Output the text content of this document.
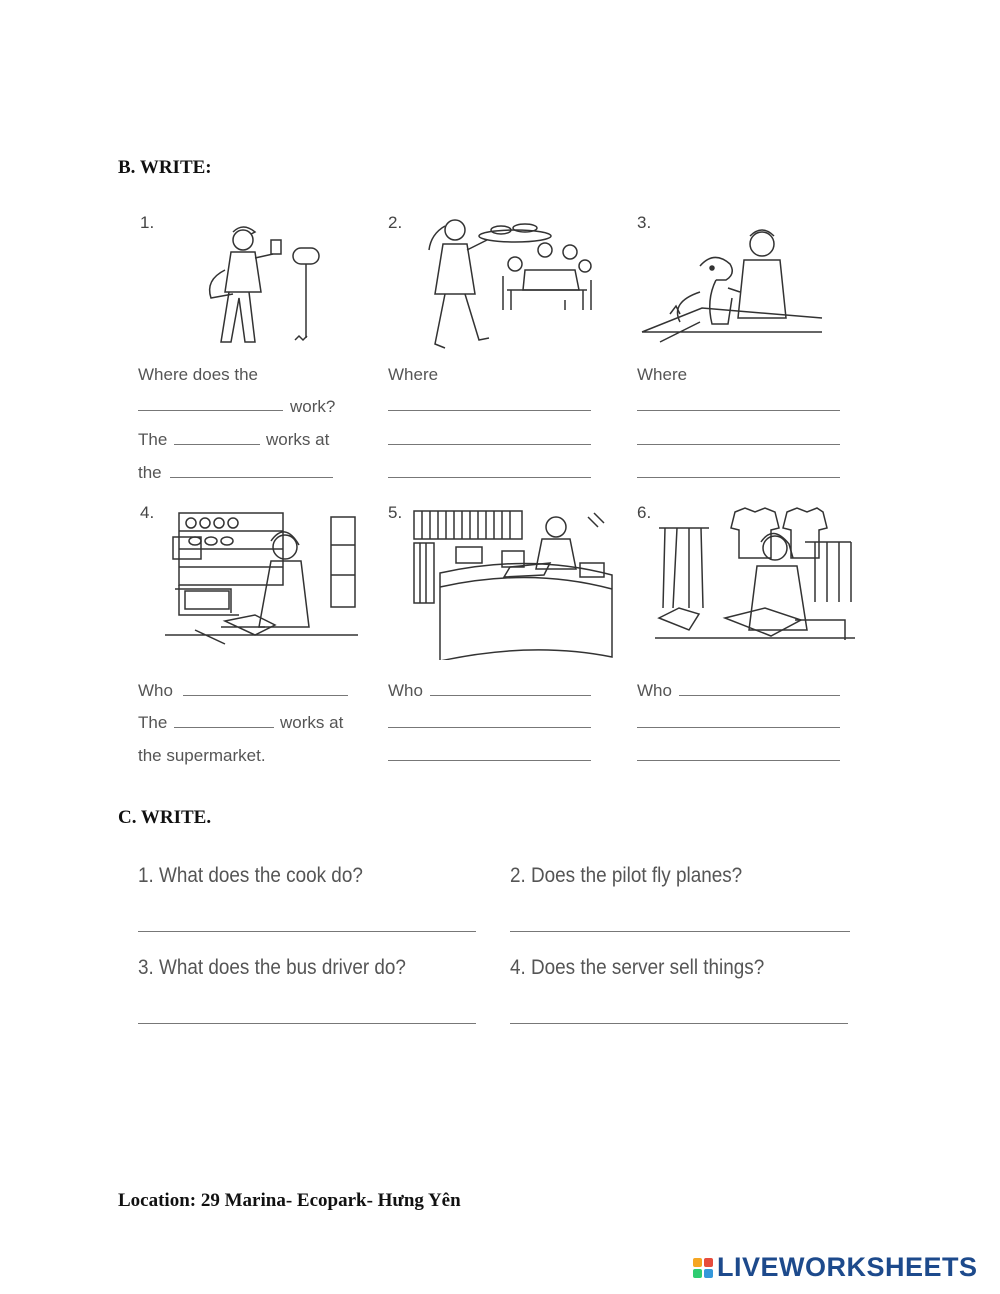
B. WRITE:
1.
Where does the
work?
The	works at
the
2.
Where
3.
Where
4.
Who
The	works at
the supermarket.
5.
Who
6.
Who
C. WRITE.
1. What does the cook do?	2. Does the pilot fly planes?
3. What does the bus driver do?	4. Does the server sell things?
Location: 29 Marina- Ecopark- Hưng Yên
LIVEWORKSHEETS
